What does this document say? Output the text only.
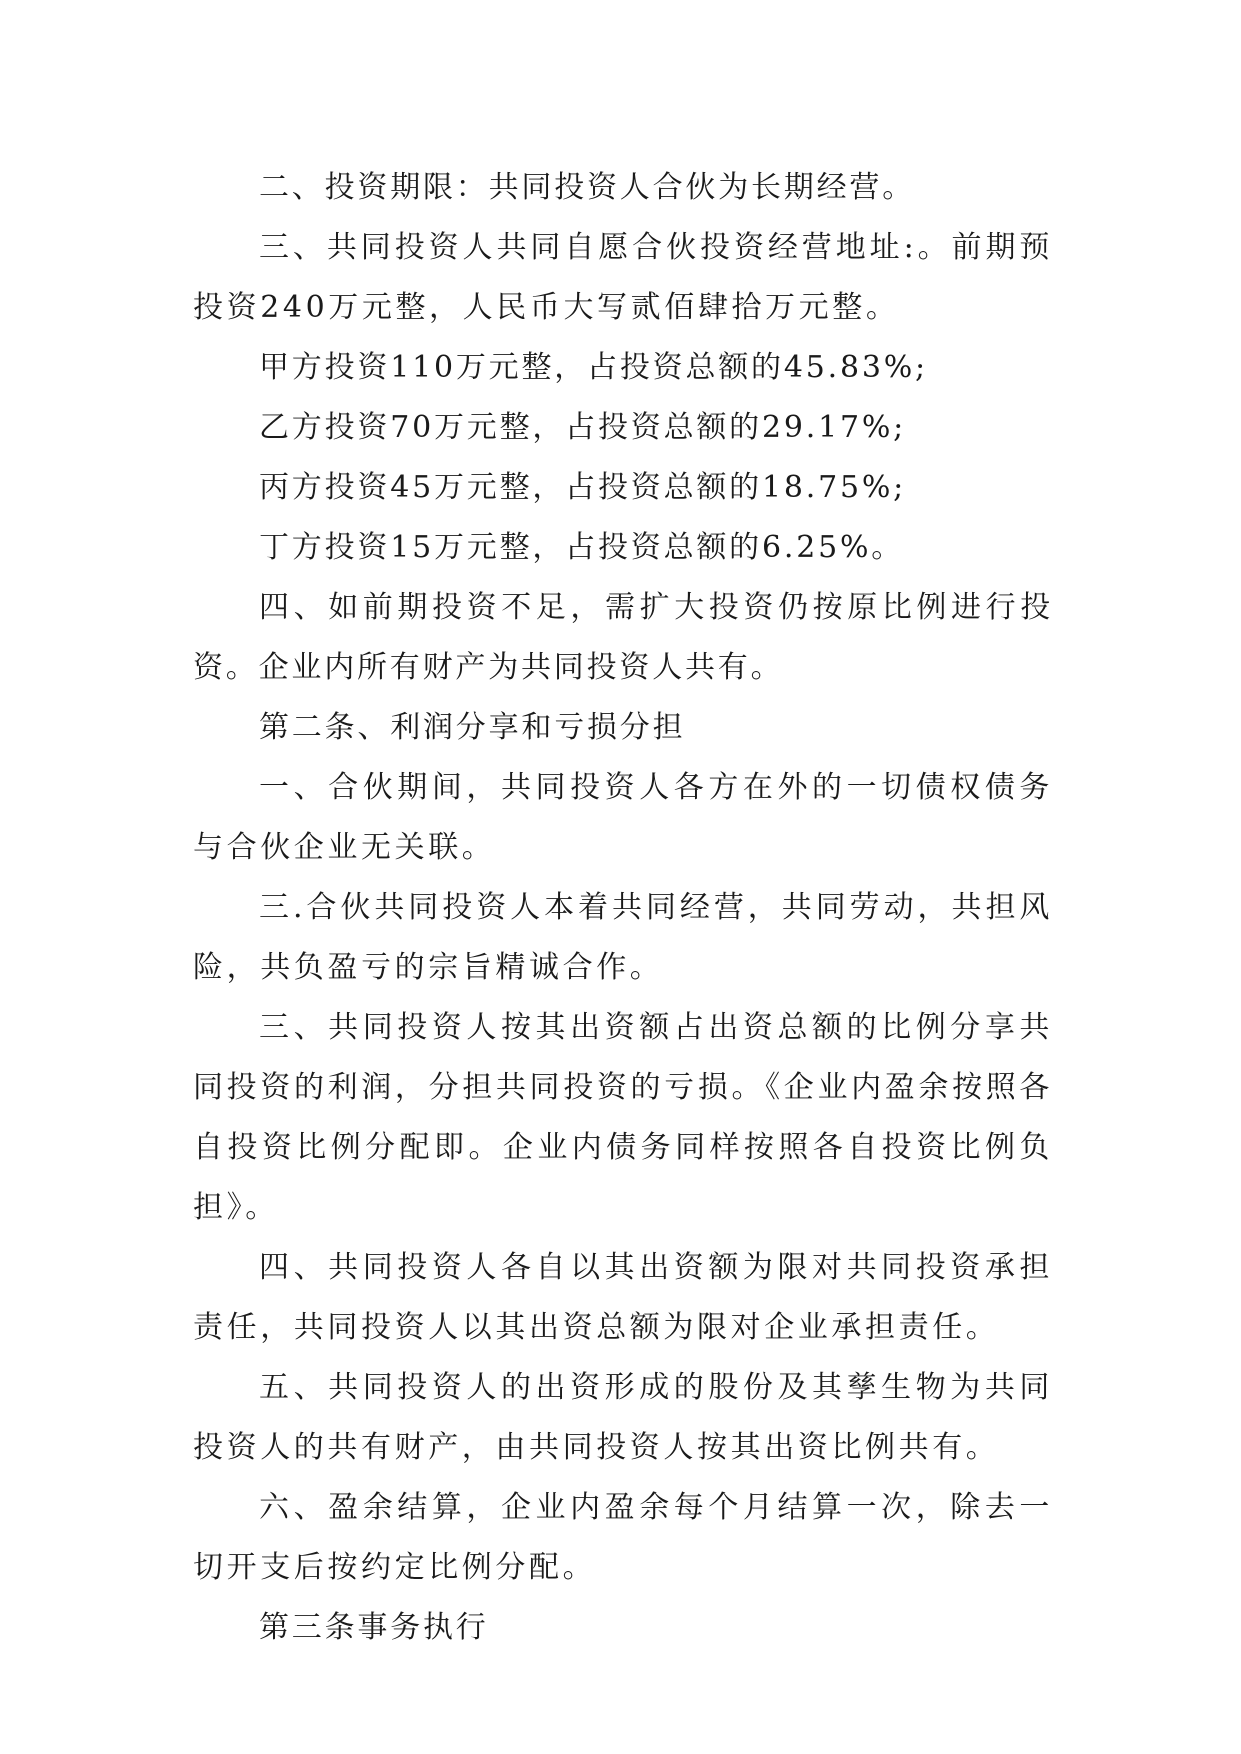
二、投资期限：共同投资人合伙为长期经营。

三、共同投资人共同自愿合伙投资经营地址:。前期预投资240万元整，人民币大写贰佰肆拾万元整。

甲方投资110万元整，占投资总额的45.83%;

乙方投资70万元整，占投资总额的29.17%;

丙方投资45万元整，占投资总额的18.75%;

丁方投资15万元整，占投资总额的6.25%。

四、如前期投资不足，需扩大投资仍按原比例进行投资。企业内所有财产为共同投资人共有。

第二条、利润分享和亏损分担

一、合伙期间，共同投资人各方在外的一切债权债务与合伙企业无关联。

三.合伙共同投资人本着共同经营，共同劳动，共担风险，共负盈亏的宗旨精诚合作。

三、共同投资人按其出资额占出资总额的比例分享共同投资的利润，分担共同投资的亏损。《企业内盈余按照各自投资比例分配即。企业内债务同样按照各自投资比例负担》。

四、共同投资人各自以其出资额为限对共同投资承担责任，共同投资人以其出资总额为限对企业承担责任。

五、共同投资人的出资形成的股份及其孳生物为共同投资人的共有财产，由共同投资人按其出资比例共有。

六、盈余结算，企业内盈余每个月结算一次，除去一切开支后按约定比例分配。

第三条事务执行
